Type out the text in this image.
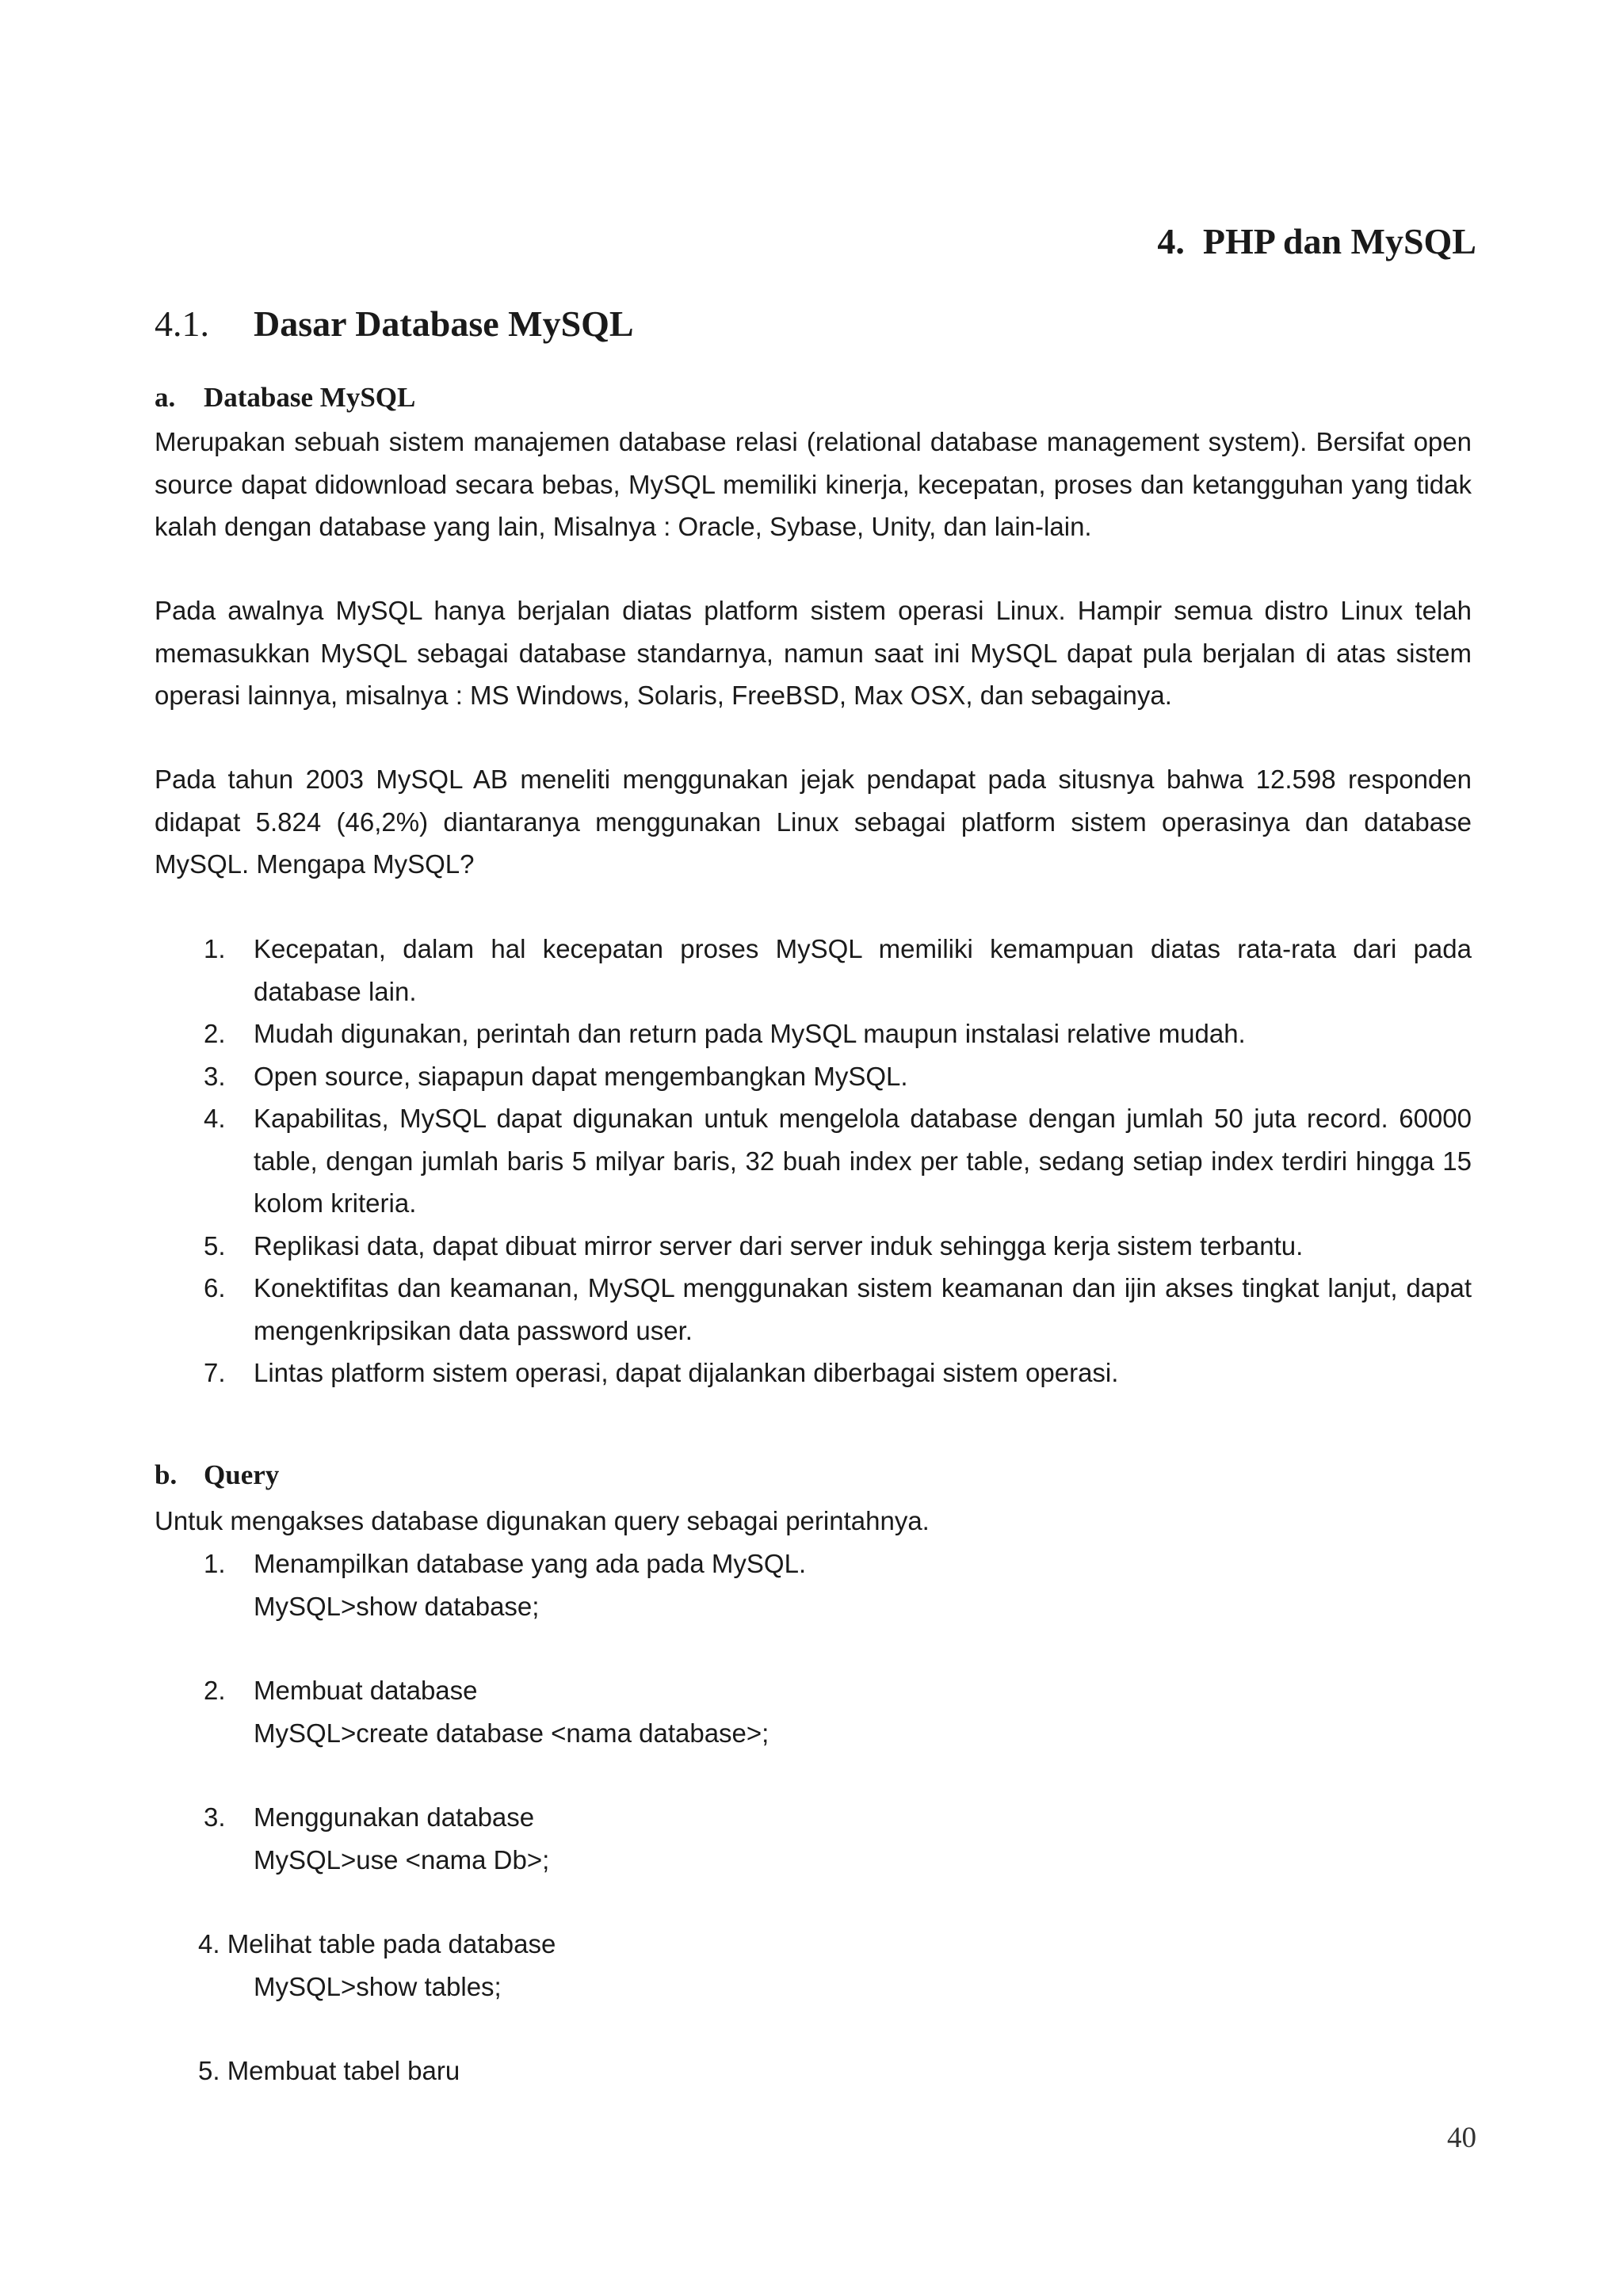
4. PHP dan MySQL
4.1. Dasar Database MySQL
a. Database MySQL

Merupakan sebuah sistem manajemen database relasi (relational database management system). Bersifat open source dapat didownload secara bebas, MySQL memiliki kinerja, kecepatan, proses dan ketangguhan yang tidak kalah dengan database yang lain, Misalnya : Oracle, Sybase, Unity, dan lain-lain.

Pada awalnya MySQL hanya berjalan diatas platform sistem operasi Linux. Hampir semua distro Linux telah memasukkan MySQL sebagai database standarnya, namun saat ini MySQL dapat pula berjalan di atas sistem operasi lainnya, misalnya : MS Windows, Solaris, FreeBSD, Max OSX, dan sebagainya.

Pada tahun 2003 MySQL AB meneliti menggunakan jejak pendapat pada situsnya bahwa 12.598 responden didapat 5.824 (46,2%) diantaranya menggunakan Linux sebagai platform sistem operasinya dan database MySQL. Mengapa MySQL?

1. Kecepatan, dalam hal kecepatan proses MySQL memiliki kemampuan diatas rata-rata dari pada database lain.
2. Mudah digunakan, perintah dan return pada MySQL maupun instalasi relative mudah.
3. Open source, siapapun dapat mengembangkan MySQL.
4. Kapabilitas, MySQL dapat digunakan untuk mengelola database dengan jumlah 50 juta record. 60000 table, dengan jumlah baris 5 milyar baris, 32 buah index per table, sedang setiap index terdiri hingga 15 kolom kriteria.
5. Replikasi data, dapat dibuat mirror server dari server induk sehingga kerja sistem terbantu.
6. Konektifitas dan keamanan, MySQL menggunakan sistem keamanan dan ijin akses tingkat lanjut, dapat mengenkripsikan data password user.
7. Lintas platform sistem operasi, dapat dijalankan diberbagai sistem operasi.
b. Query

Untuk mengakses database digunakan query sebagai perintahnya.

1.	Menampilkan database yang ada pada MySQL.
MySQL>show database;
2.	Membuat database
MySQL>create database <nama database>;
3.	Menggunakan database
MySQL>use <nama Db>;
4. Melihat table pada database
MySQL>show tables;
5. Membuat tabel baru
40
